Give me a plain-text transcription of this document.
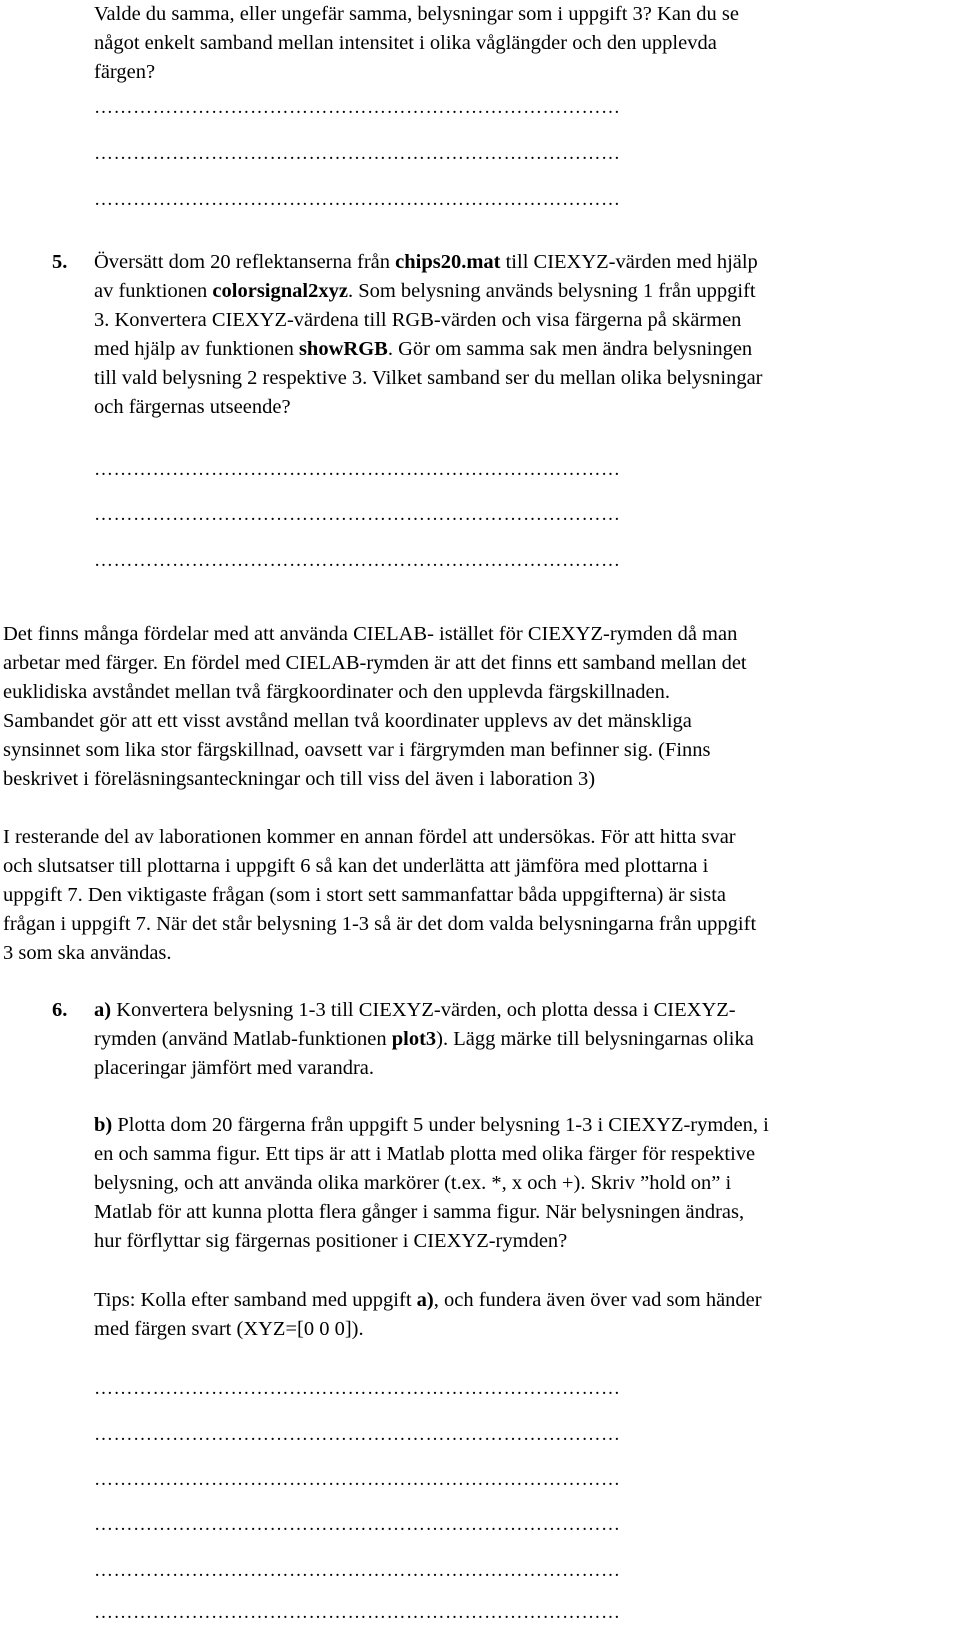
Valde du samma, eller ungefär samma, belysningar som i uppgift 3? Kan du se

något enkelt samband mellan intensitet i olika våglängder och den upplevda

färgen?

………………………………………………………………………
………………………………………………………………………
………………………………………………………………………
5. Översätt dom 20 reflektanserna från chips20.mat till CIEXYZ-värden med hjälp

av funktionen colorsignal2xyz. Som belysning används belysning 1 från uppgift

3. Konvertera CIEXYZ-värdena till RGB-värden och visa färgerna på skärmen

med hjälp av funktionen showRGB. Gör om samma sak men ändra belysningen

till vald belysning 2 respektive 3. Vilket samband ser du mellan olika belysningar

och färgernas utseende?

………………………………………………………………………
………………………………………………………………………
………………………………………………………………………

Det finns många fördelar med att använda CIELAB- istället för CIEXYZ-rymden då man

arbetar med färger. En fördel med CIELAB-rymden är att det finns ett samband mellan det

euklidiska avståndet mellan två färgkoordinater och den upplevda färgskillnaden.

Sambandet gör att ett visst avstånd mellan två koordinater upplevs av det mänskliga

synsinnet som lika stor färgskillnad, oavsett var i färgrymden man befinner sig. (Finns

beskrivet i föreläsningsanteckningar och till viss del även i laboration 3)

I resterande del av laborationen kommer en annan fördel att undersökas. För att hitta svar

och slutsatser till plottarna i uppgift 6 så kan det underlätta att jämföra med plottarna i

uppgift 7. Den viktigaste frågan (som i stort sett sammanfattar båda uppgifterna) är sista

frågan i uppgift 7. När det står belysning 1-3 så är det dom valda belysningarna från uppgift

3 som ska användas.

6. a) Konvertera belysning 1-3 till CIEXYZ-värden, och plotta dessa i CIEXYZ-

rymden (använd Matlab-funktionen plot3). Lägg märke till belysningarnas olika

placeringar jämfört med varandra.

b) Plotta dom 20 färgerna från uppgift 5 under belysning 1-3 i CIEXYZ-rymden, i

en och samma figur. Ett tips är att i Matlab plotta med olika färger för respektive

belysning, och att använda olika markörer (t.ex. *, x och +). Skriv ”hold on” i

Matlab för att kunna plotta flera gånger i samma figur. När belysningen ändras,

hur förflyttar sig färgernas positioner i CIEXYZ-rymden?

Tips: Kolla efter samband med uppgift a), och fundera även över vad som händer

med färgen svart (XYZ=[0 0 0]).

………………………………………………………………………
………………………………………………………………………
………………………………………………………………………
………………………………………………………………………
………………………………………………………………………
………………………………………………………………………
